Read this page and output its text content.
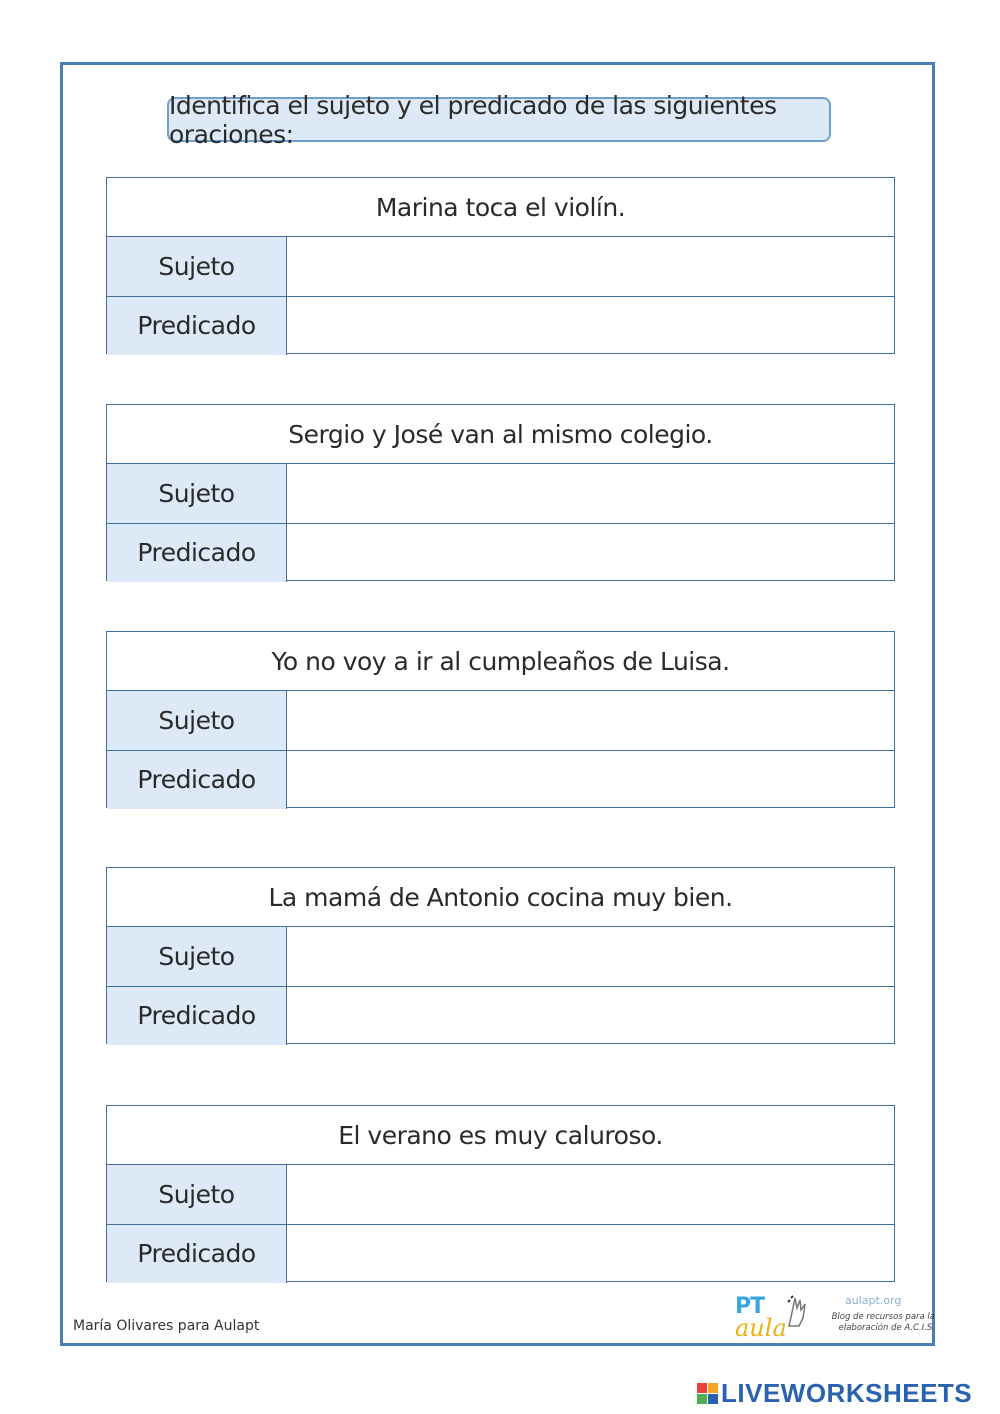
Identifica el sujeto y el predicado de las siguientes oraciones:
Marina toca el violín.
Sujeto
Predicado
Sergio y José van al mismo colegio.
Sujeto
Predicado
Yo no voy a ir al cumpleaños de Luisa.
Sujeto
Predicado
La mamá de Antonio cocina muy bien.
Sujeto
Predicado
El verano es muy caluroso.
Sujeto
Predicado
María Olivares para Aulapt
PT
aula
aulapt.org
Blog de recursos para la elaboración de A.C.I.S.
LIVEWORKSHEETS
